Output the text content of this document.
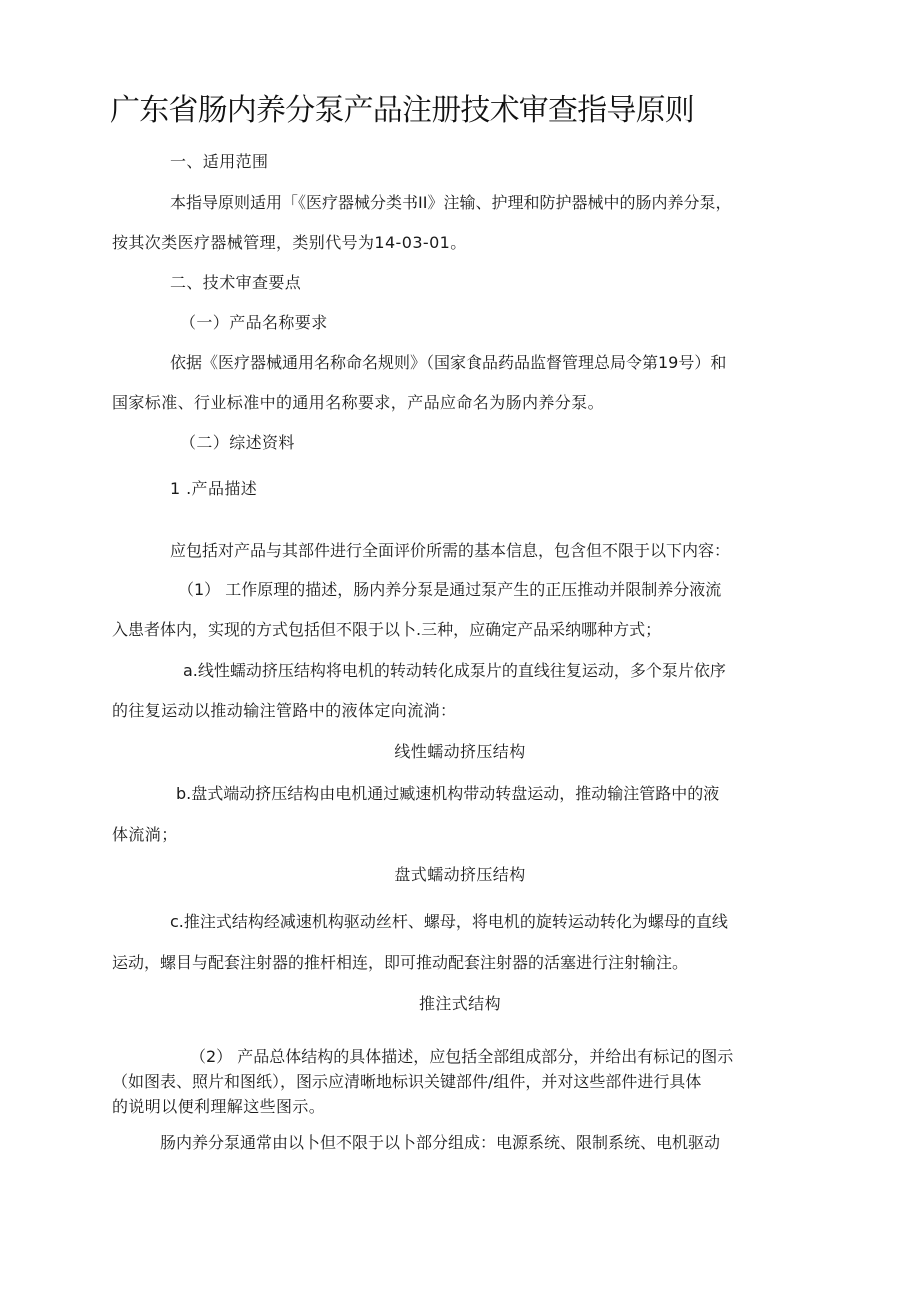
广东省肠内养分泵产品注册技术审查指导原则
一、适用范围
本指导原则适用「《医疗器械分类书II》注输、护理和防护器械中的肠内养分泵，
按其次类医疗器械管理，类别代号为14-03-01。
二、技术审查要点
（一）产品名称要求
依据《医疗器械通用名称命名规则》（国家食品药品监督管理总局令第19号）和
国家标准、行业标准中的通用名称要求，产品应命名为肠内养分泵。
（二）综述资料
1 .产品描述
应包括对产品与其部件进行全面评价所需的基本信息，包含但不限于以下内容：
（1） 工作原理的描述，肠内养分泵是通过泵产生的正压推动并限制养分液流
入患者体内，实现的方式包括但不限于以卜.三种，应确定产品采纳哪种方式；
a.线性蠕动挤压结构将电机的转动转化成泵片的直线往复运动，多个泵片依序
的往复运动以推动输注管路中的液体定向流淌：
线性蠕动挤压结构
b.盘式端动挤压结构由电机通过臧速机构带动转盘运动，推动输注管路中的液
体流淌；
盘式蠕动挤压结构
c.推注式结构经减速机构驱动丝杆、螺母，将电机的旋转运动转化为螺母的直线
运动，螺目与配套注射器的推杆相连，即可推动配套注射器的活塞进行注射输注。
推注式结构
（2） 产品总体结构的具体描述，应包括全部组成部分，并给出有标记的图示
（如图表、照片和图纸），图示应清晰地标识关键部件/组件，并对这些部件进行具体
的说明以便利理解这些图示。
肠内养分泵通常由以卜但不限于以卜部分组成：电源系统、限制系统、电机驱动
